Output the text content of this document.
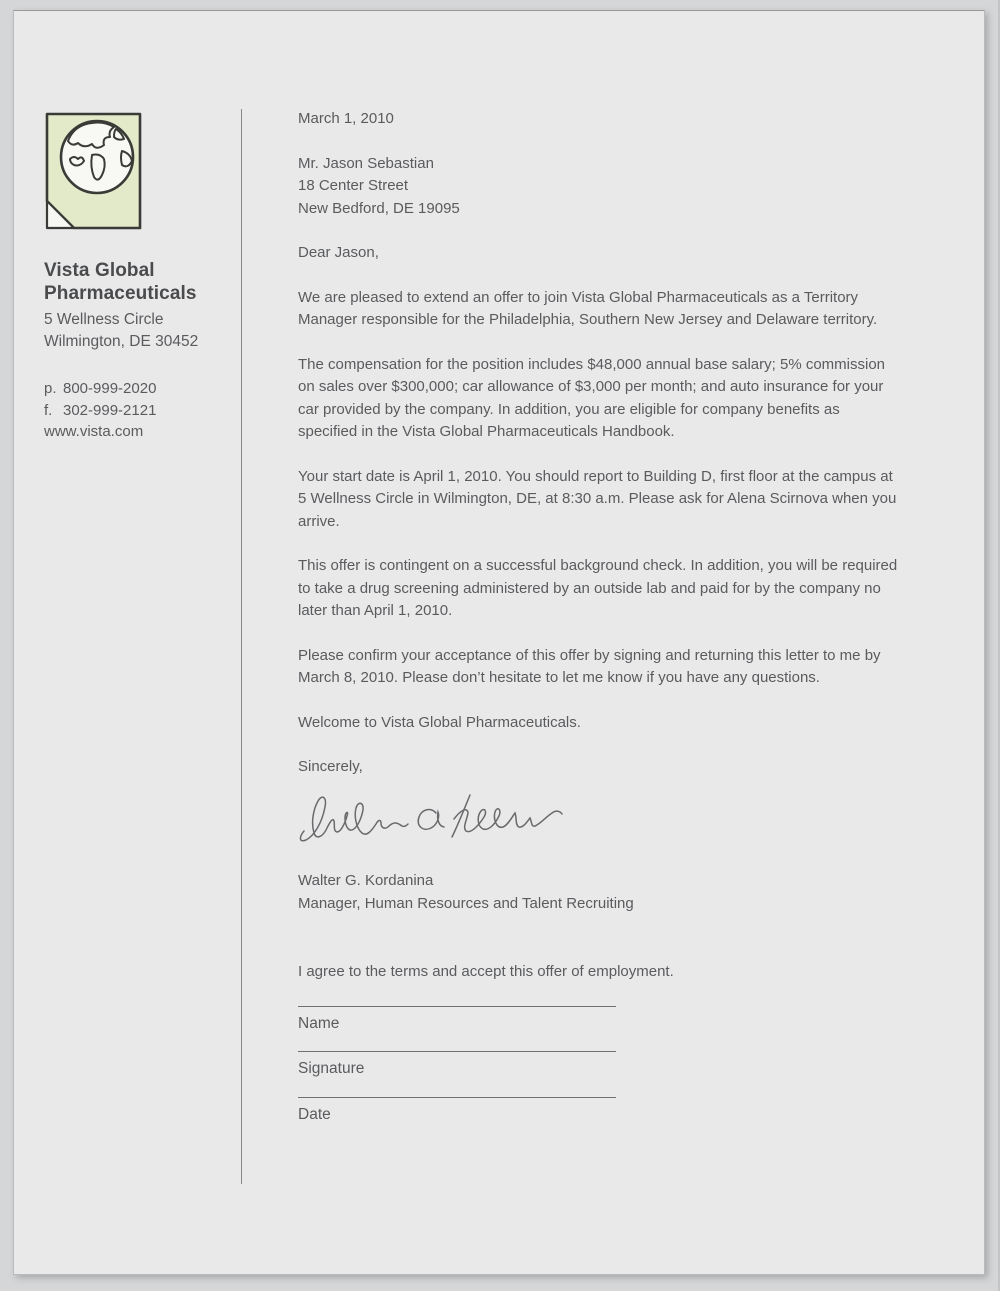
Vista Global
Pharmaceuticals
5 Wellness Circle
Wilmington, DE 30452
p. 800-999-2020
f. 302-999-2121
www.vista.com

March 1, 2010

Mr. Jason Sebastian
18 Center Street
New Bedford, DE 19095

Dear Jason,

We are pleased to extend an offer to join Vista Global Pharmaceuticals as a Territory Manager responsible for the Philadelphia, Southern New Jersey and Delaware territory.

The compensation for the position includes $48,000 annual base salary; 5% commission on sales over $300,000; car allowance of $3,000 per month; and auto insurance for your car provided by the company. In addition, you are eligible for company benefits as specified in the Vista Global Pharmaceuticals Handbook.

Your start date is April 1, 2010. You should report to Building D, first floor at the campus at 5 Wellness Circle in Wilmington, DE, at 8:30 a.m. Please ask for Alena Scirnova when you arrive.

This offer is contingent on a successful background check. In addition, you will be required to take a drug screening administered by an outside lab and paid for by the company no later than April 1, 2010.

Please confirm your acceptance of this offer by signing and returning this letter to me by March 8, 2010. Please don’t hesitate to let me know if you have any questions.

Welcome to Vista Global Pharmaceuticals.

Sincerely,

Walter G. Kordanina
Manager, Human Resources and Talent Recruiting

I agree to the terms and accept this offer of employment.

Name
Signature
Date
